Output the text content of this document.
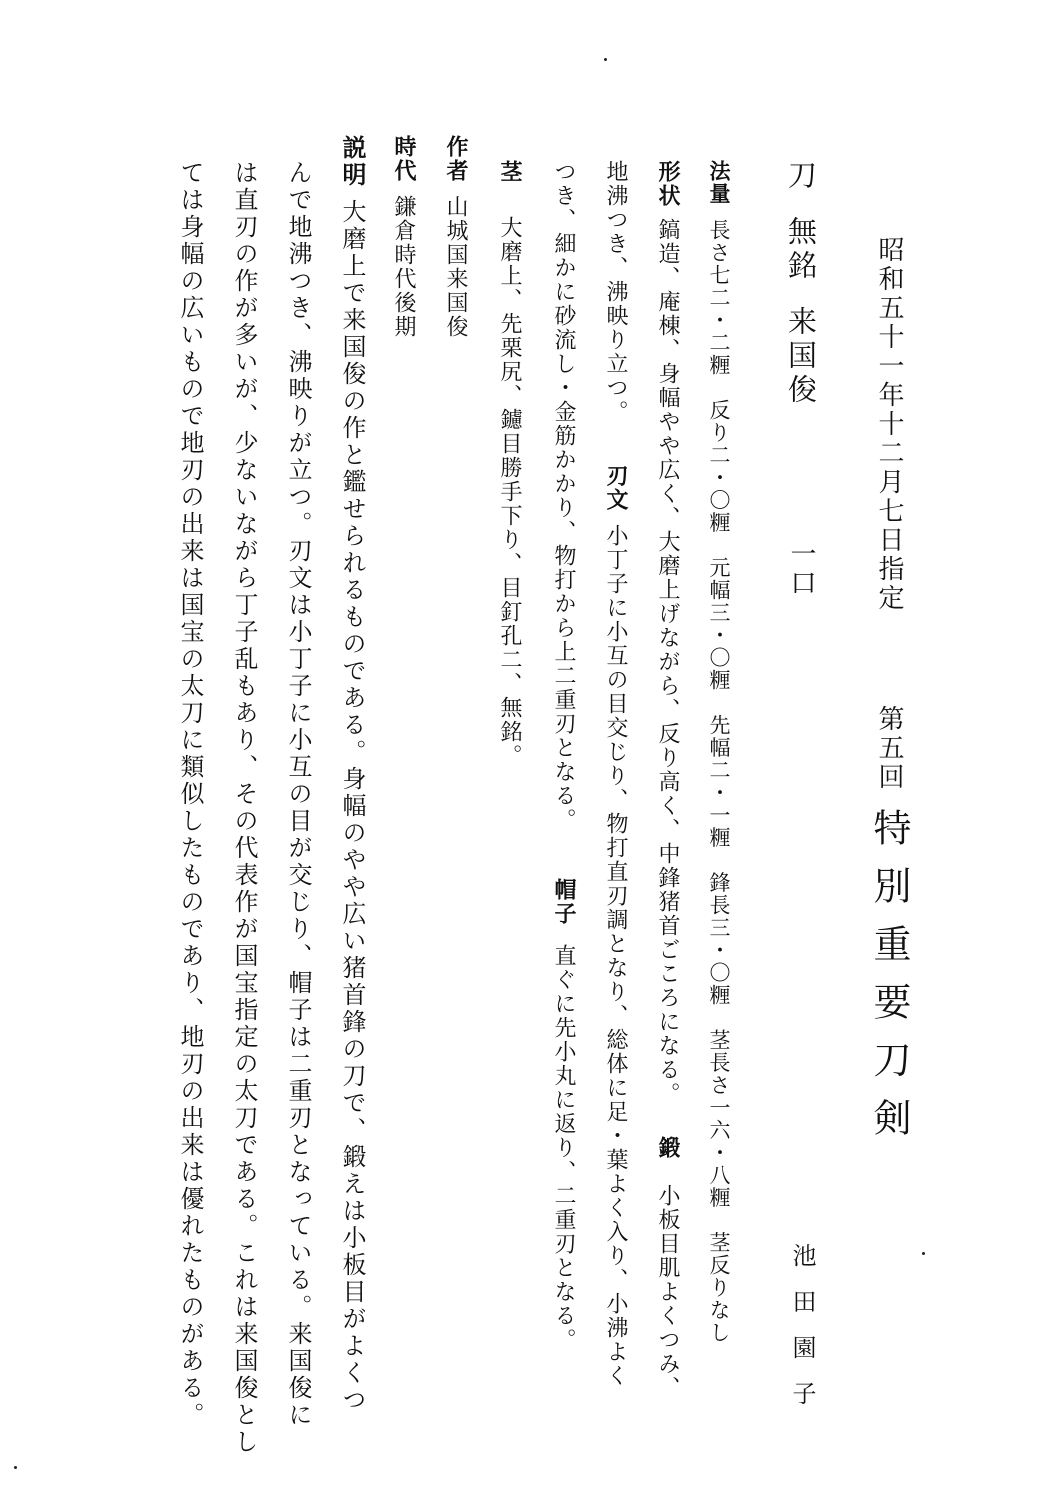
昭和五十一年十二月七日指定
第五回
特別重要刀剣
池田園子
刀無銘来国俊
一口
法量長さ七二・二糎　反り二・〇糎　元幅三・〇糎　先幅二・一糎　鋒長三・〇糎　茎長さ一六・八糎　茎反りなし
形状鎬造、庵棟、身幅やや広く、大磨上げながら、反り高く、中鋒猪首ごころになる。鍛小板目肌よくつみ、
地沸つき、沸映り立つ。刃文小丁子に小互の目交じり、物打直刃調となり、総体に足・葉よく入り、小沸よく
つき、細かに砂流し・金筋かかり、物打から上二重刃となる。帽子直ぐに先小丸に返り、二重刃となる。
茎大磨上、先栗尻、鑢目勝手下り、目釘孔二、無銘。
作者山城国来国俊
時代鎌倉時代後期
説明大磨上で来国俊の作と鑑せられるものである。身幅のやや広い猪首鋒の刀で、鍛えは小板目がよくつ
んで地沸つき、沸映りが立つ。刃文は小丁子に小互の目が交じり、帽子は二重刃となっている。来国俊に
は直刃の作が多いが、少ないながら丁子乱もあり、その代表作が国宝指定の太刀である。これは来国俊とし
ては身幅の広いもので地刃の出来は国宝の太刀に類似したものであり、地刃の出来は優れたものがある。
